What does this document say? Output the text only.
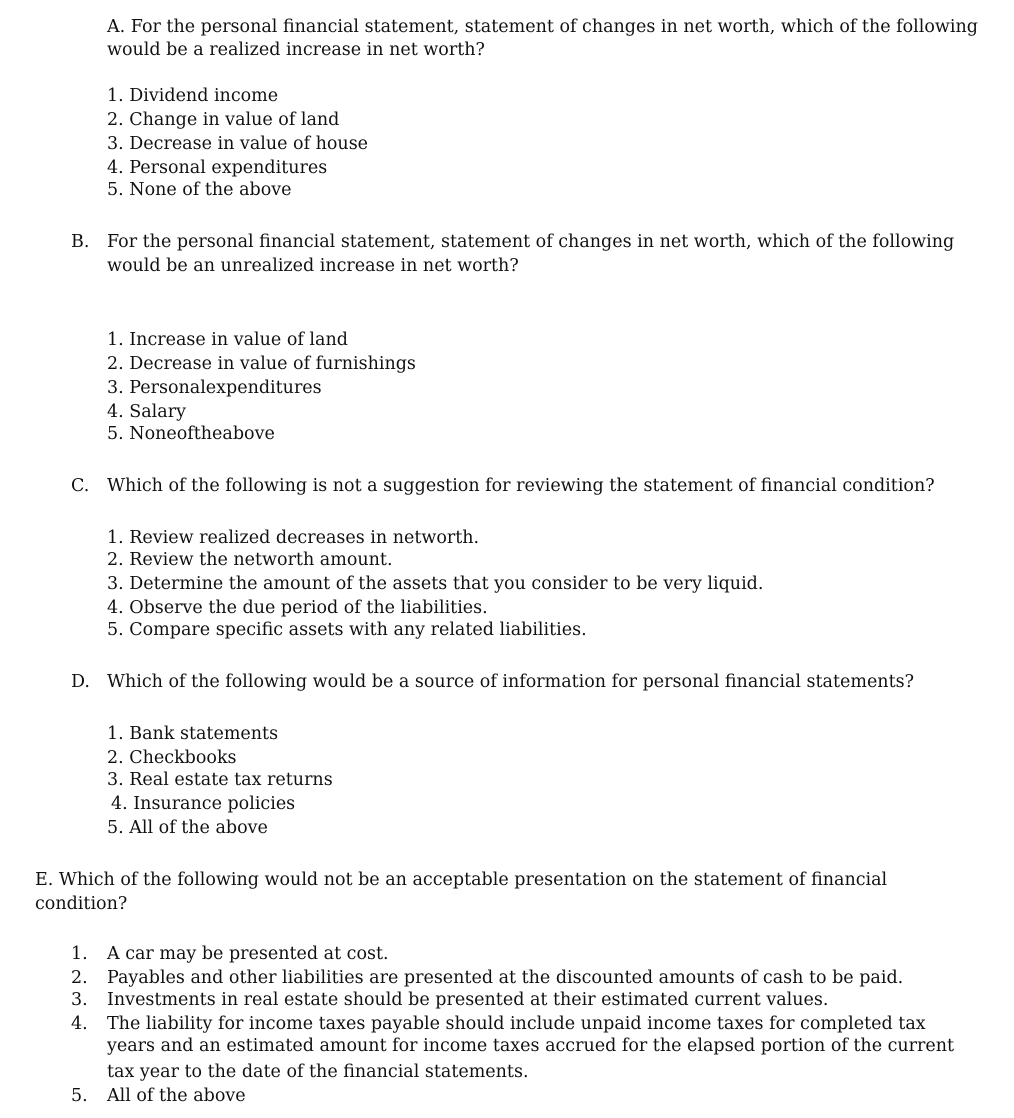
A. For the personal financial statement, statement of changes in net worth, which of the following
would be a realized increase in net worth?
1. Dividend income
2. Change in value of land
3. Decrease in value of house
4. Personal expenditures
5. None of the above
B. For the personal financial statement, statement of changes in net worth, which of the following
would be an unrealized increase in net worth?
1. Increase in value of land
2. Decrease in value of furnishings
3. Personalexpenditures
4. Salary
5. Noneoftheabove
C. Which of the following is not a suggestion for reviewing the statement of financial condition?
1. Review realized decreases in networth.
2. Review the networth amount.
3. Determine the amount of the assets that you consider to be very liquid.
4. Observe the due period of the liabilities.
5. Compare specific assets with any related liabilities.
D. Which of the following would be a source of information for personal financial statements?
1. Bank statements
2. Checkbooks
3. Real estate tax returns
4. Insurance policies
5. All of the above
E. Which of the following would not be an acceptable presentation on the statement of financial
condition?
1. A car may be presented at cost.
2. Payables and other liabilities are presented at the discounted amounts of cash to be paid.
3. Investments in real estate should be presented at their estimated current values.
4. The liability for income taxes payable should include unpaid income taxes for completed tax
years and an estimated amount for income taxes accrued for the elapsed portion of the current
tax year to the date of the financial statements.
5. All of the above
